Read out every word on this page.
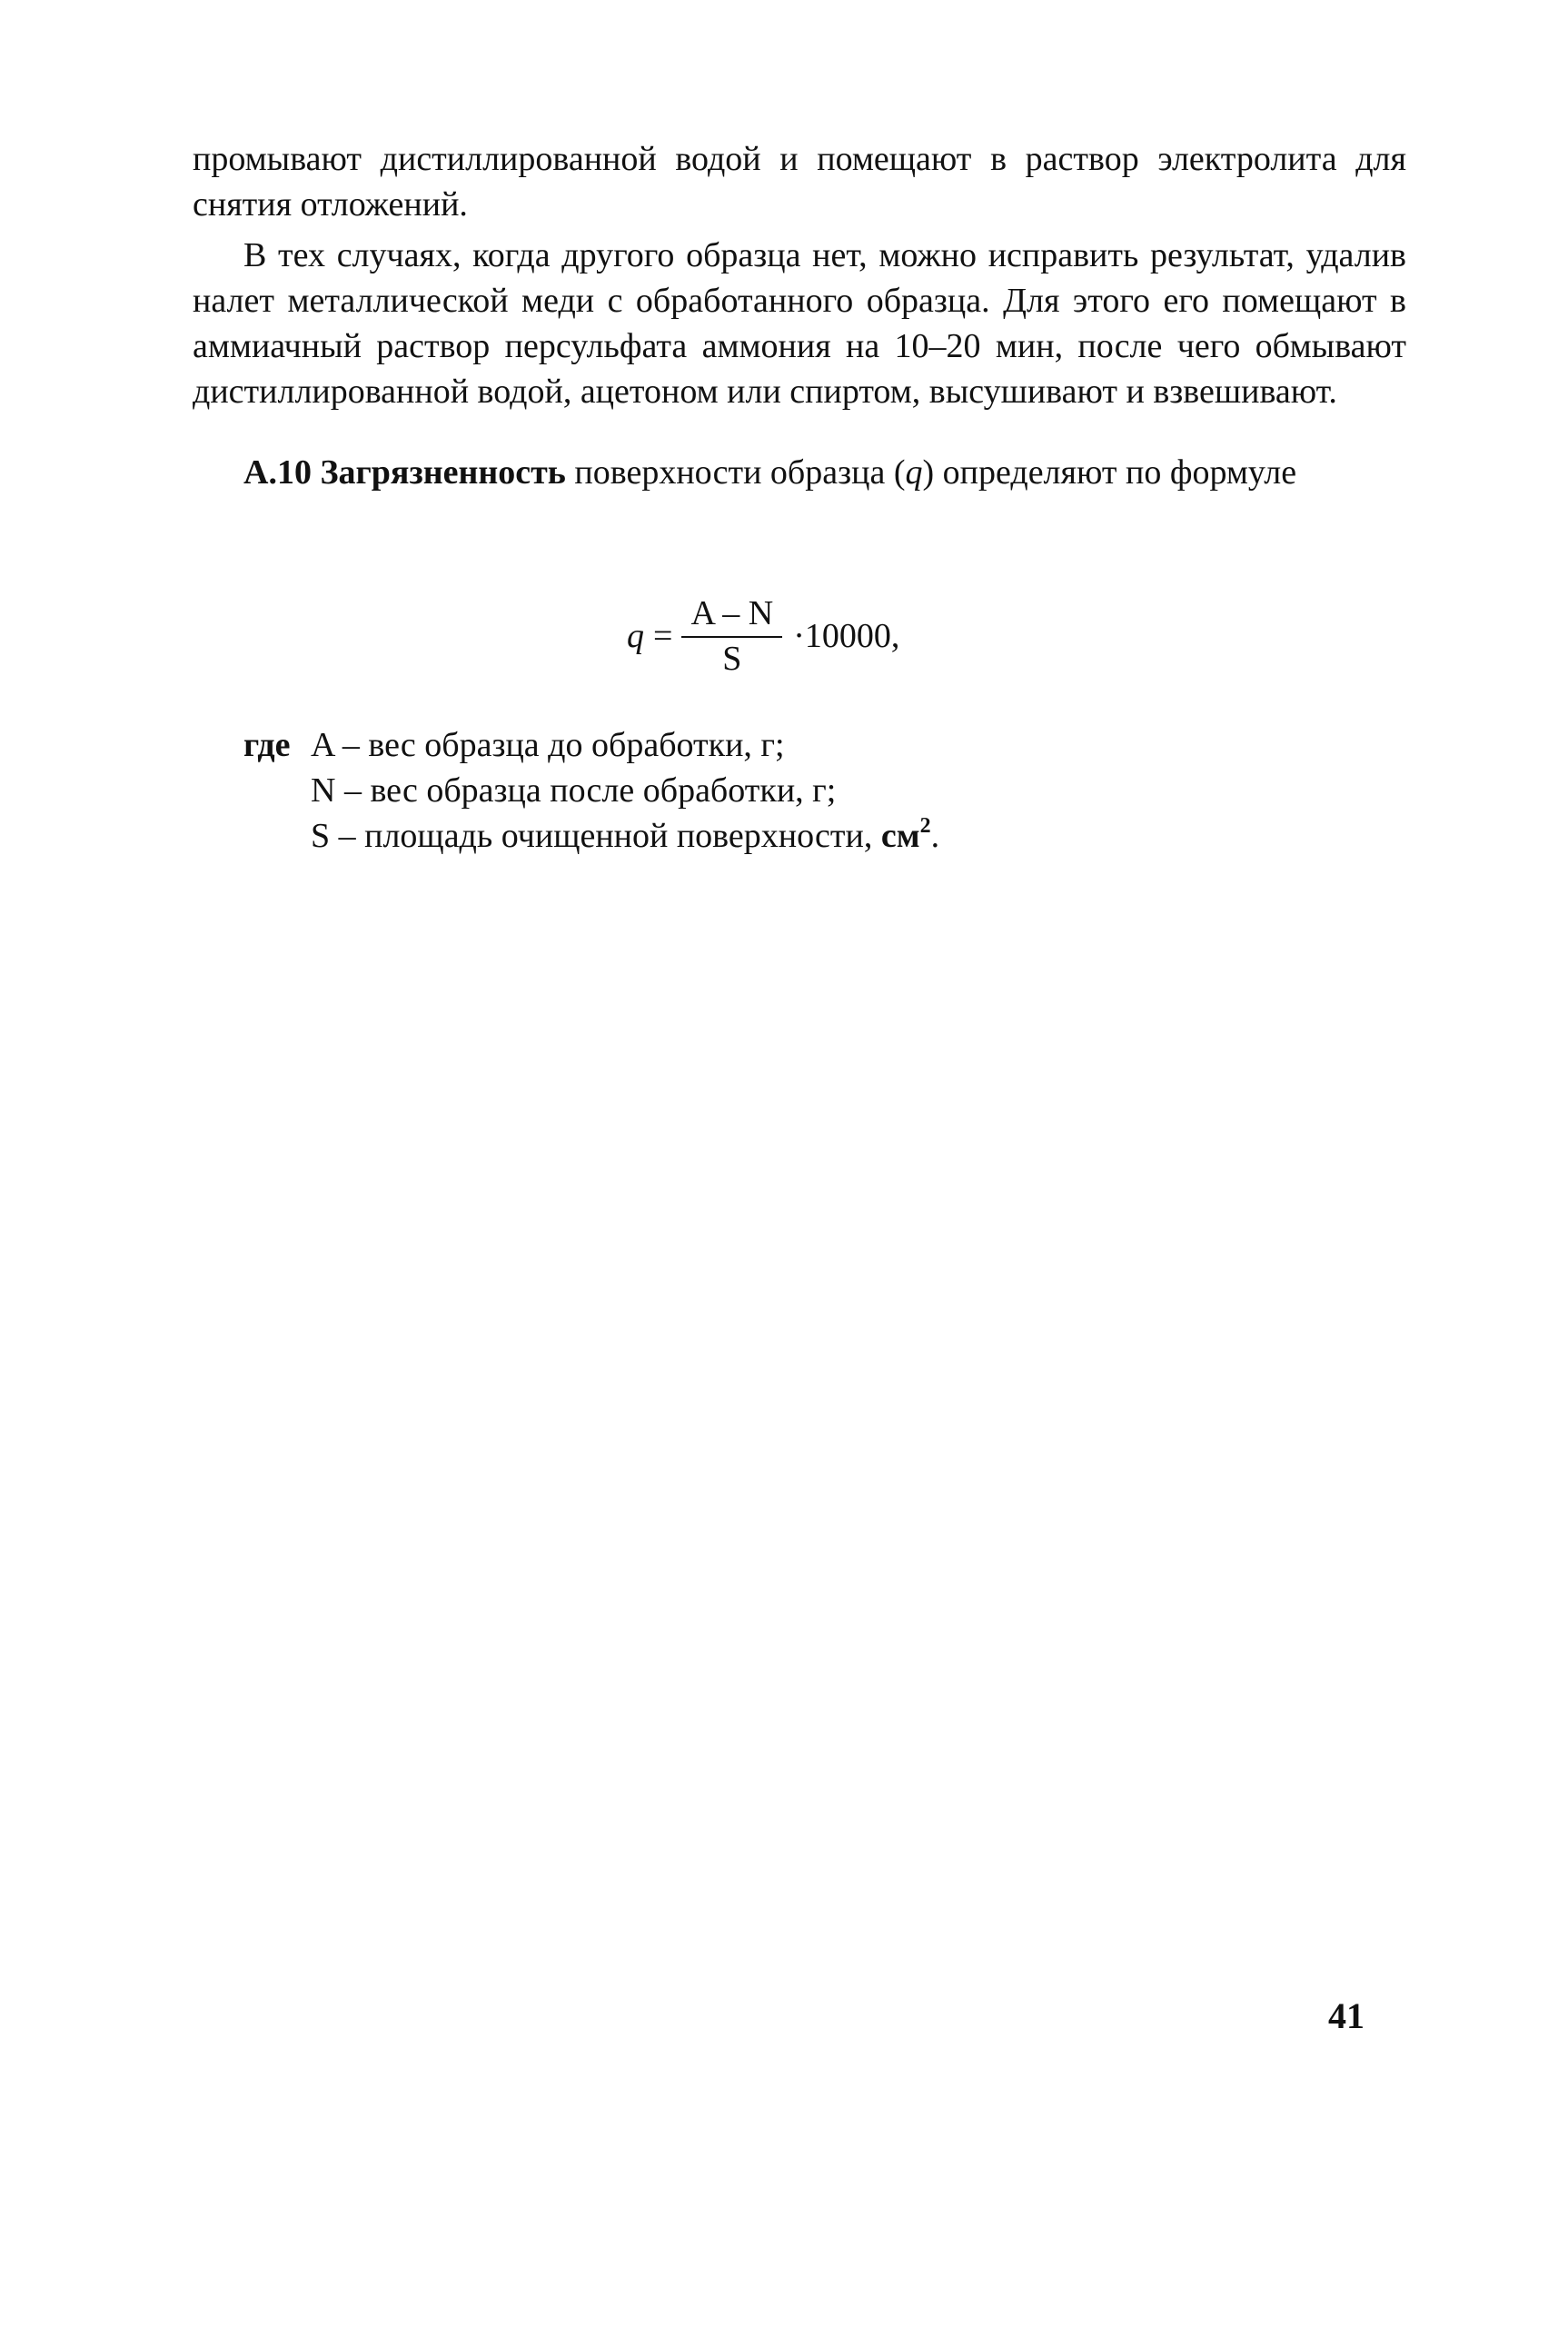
промывают дистиллированной водой и помещают в раствор электролита для снятия отложений.

В тех случаях, когда другого образца нет, можно исправить результат, удалив налет металлической меди с обработанного образца. Для этого его помещают в аммиачный раствор персульфата аммония на 10–20 мин, после чего обмывают дистиллированной водой, ацетоном или спиртом, высушивают и взвешивают.

А.10 Загрязненность поверхности образца (q) определяют по формуле

$q = \frac{A - N}{S} \cdot 10000$,
где A – вес образца до обработки, г;
N – вес образца после обработки, г;
S – площадь очищенной поверхности, $см^2$.
41
